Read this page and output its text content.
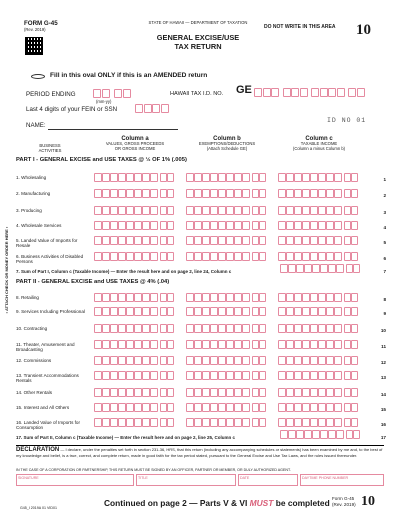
FORM G-45
(Rev. 2019)
STATE OF HAWAII — DEPARTMENT OF TAXATION
GENERAL EXCISE/USE
TAX RETURN
DO NOT WRITE IN THIS AREA 10
Fill in this oval ONLY if this is an AMENDED return
PERIOD ENDING
(mm-yy)
HAWAII TAX I.D. NO. GE
Last 4 digits of your FEIN or SSN
NAME:
ID NO 01
BUSINESS ACTIVITIES
Column a
VALUES, GROSS PROCEEDS
OR GROSS INCOME
Column b
EXEMPTIONS/DEDUCTIONS
(Attach Schedule GE)
Column c
TAXABLE INCOME
(Column a minus Column b)
• ATTACH CHECK OR MONEY ORDER HERE •
PART I - GENERAL EXCISE and USE TAXES @ ½ OF 1% (.005)
1. Wholesaling	1
2. Manufacturing	2
3. Producing	3
4. Wholesale Services	4
5. Landed Value of Imports for Resale
5
6. Business Activities of Disabled Persons
6
7. Sum of Part I, Column c (Taxable Income) — Enter the result here and on page 2, line 24, Column c	7
PART II - GENERAL EXCISE and USE TAXES @ 4% (.04)
8. Retailing	8
9. Services Including Professional	9
10. Contracting	10
11. Theater, Amusement and Broadcasting
11
12. Commissions	12
13. Transient Accommodations Rentals
13
14. Other Rentals	14
15. Interest and All Others	15
16. Landed Value of Imports for Consumption
16
17. Sum of Part II, Column c (Taxable Income) — Enter the result here and on page 2, line 25, Column c	17
DECLARATION — I declare, under the penalties set forth in section 231-36, HRS, that this return (including any accompanying schedules or statements) has been examined by me and, to the best of my knowledge and belief, is a true, correct, and complete return, made in good faith for the tax period stated, pursuant to the General Excise and Use Tax Laws, and the rules issued thereunder.
IN THE CASE OF A CORPORATION OR PARTNERSHIP, THIS RETURN MUST BE SIGNED BY AN OFFICER, PARTNER OR MEMBER, OR DULY AUTHORIZED AGENT.
SIGNATURE	TITLE	DATE	DAYTIME PHONE NUMBER
G45_I 2019A 01 VID01	Continued on page 2 — Parts V & VI MUST be completed Form G-45
(Rev. 2019) 10
